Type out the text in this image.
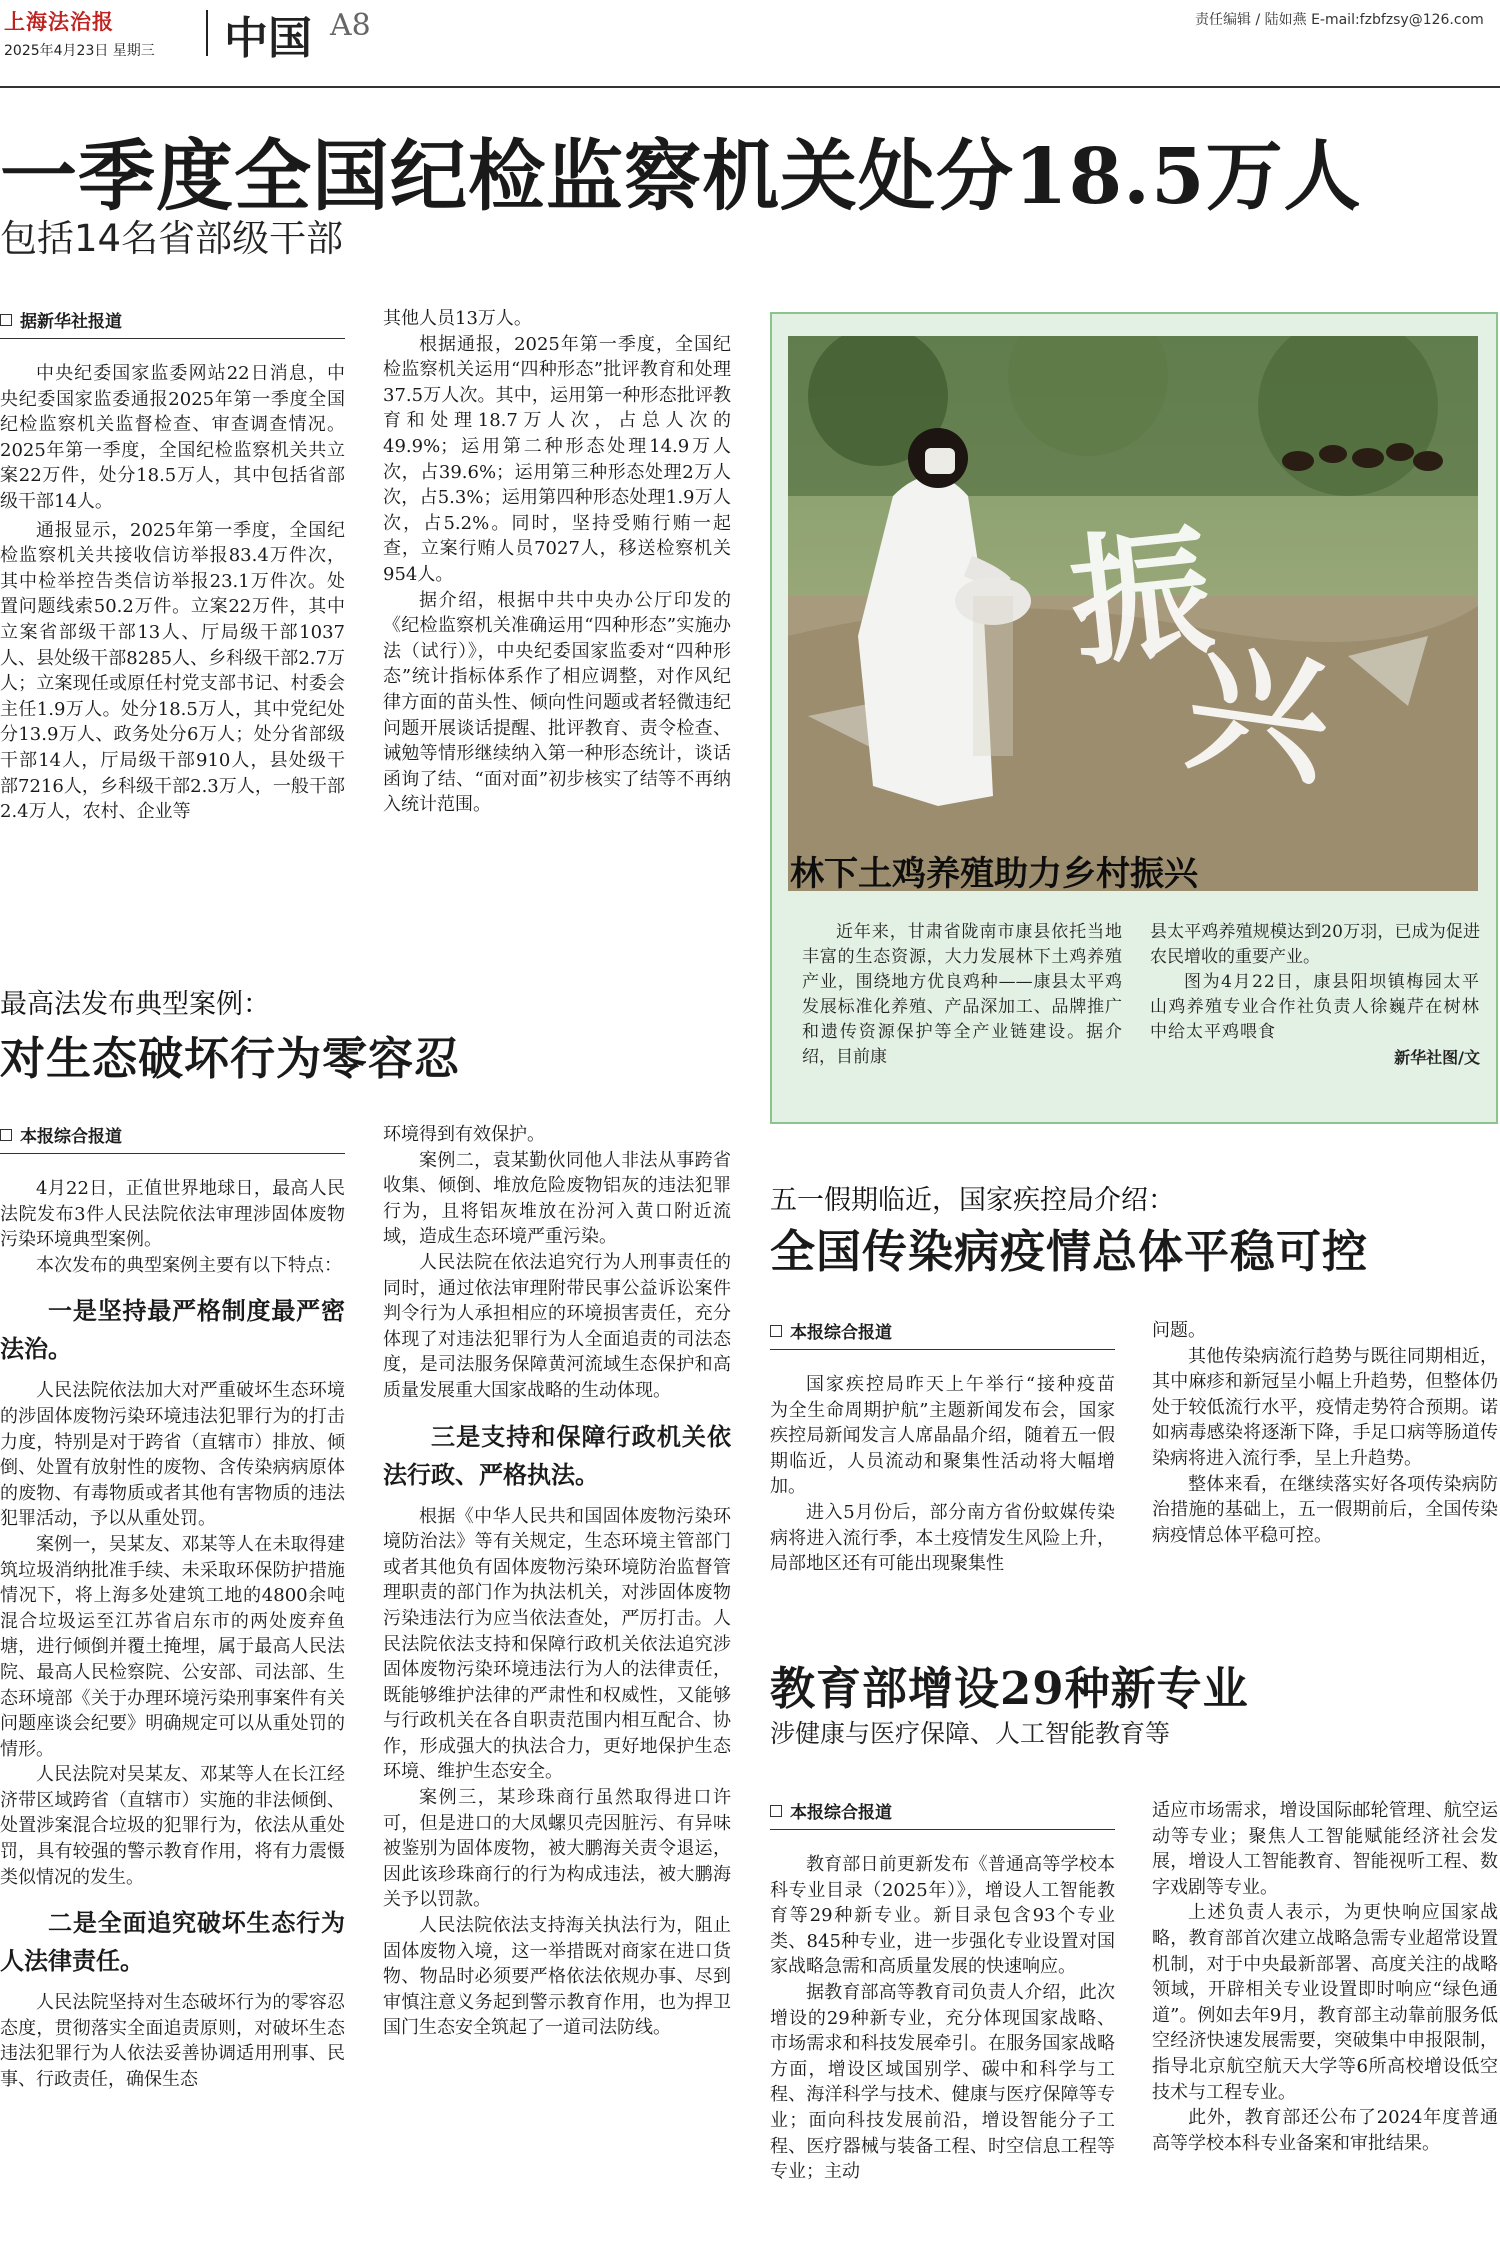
上海法治报
2025年4月23日 星期三 中国 A8	责任编辑 / 陆如燕 E-mail:fzbfzsy@126.com
一季度全国纪检监察机关处分18.5万人
包括14名省部级干部
据新华社报道

中央纪委国家监委网站22日消息，中央纪委国家监委通报2025年第一季度全国纪检监察机关监督检查、审查调查情况。2025年第一季度，全国纪检监察机关共立案22万件，处分18.5万人，其中包括省部级干部14人。

通报显示，2025年第一季度，全国纪检监察机关共接收信访举报83.4万件次，其中检举控告类信访举报23.1万件次。处置问题线索50.2万件。立案22万件，其中立案省部级干部13人、厅局级干部1037人、县处级干部8285人、乡科级干部2.7万人；立案现任或原任村党支部书记、村委会主任1.9万人。处分18.5万人，其中党纪处分13.9万人、政务处分6万人；处分省部级干部14人，厅局级干部910人，县处级干部7216人，乡科级干部2.3万人，一般干部2.4万人，农村、企业等

其他人员13万人。

根据通报，2025年第一季度，全国纪检监察机关运用“四种形态”批评教育和处理37.5万人次。其中，运用第一种形态批评教育和处理18.7万人次，占总人次的49.9%；运用第二种形态处理14.9万人次，占39.6%；运用第三种形态处理2万人次，占5.3%；运用第四种形态处理1.9万人次，占5.2%。同时，坚持受贿行贿一起查，立案行贿人员7027人，移送检察机关954人。

据介绍，根据中共中央办公厅印发的《纪检监察机关准确运用“四种形态”实施办法（试行）》，中央纪委国家监委对“四种形态”统计指标体系作了相应调整，对作风纪律方面的苗头性、倾向性问题或者轻微违纪问题开展谈话提醒、批评教育、责令检查、诫勉等情形继续纳入第一种形态统计，谈话函询了结、“面对面”初步核实了结等不再纳入统计范围。

振
兴
林下土鸡养殖助力乡村振兴

近年来，甘肃省陇南市康县依托当地丰富的生态资源，大力发展林下土鸡养殖产业，围绕地方优良鸡种——康县太平鸡发展标准化养殖、产品深加工、品牌推广和遗传资源保护等全产业链建设。据介绍，目前康

县太平鸡养殖规模达到20万羽，已成为促进农民增收的重要产业。

图为4月22日，康县阳坝镇梅园太平山鸡养殖专业合作社负责人徐巍芹在树林中给太平鸡喂食

新华社图/文
最高法发布典型案例：
对生态破坏行为零容忍
本报综合报道

4月22日，正值世界地球日，最高人民法院发布3件人民法院依法审理涉固体废物污染环境典型案例。

本次发布的典型案例主要有以下特点：

一是坚持最严格制度最严密法治。

人民法院依法加大对严重破坏生态环境的涉固体废物污染环境违法犯罪行为的打击力度，特别是对于跨省（直辖市）排放、倾倒、处置有放射性的废物、含传染病病原体的废物、有毒物质或者其他有害物质的违法犯罪活动，予以从重处罚。

案例一，吴某友、邓某等人在未取得建筑垃圾消纳批准手续、未采取环保防护措施情况下，将上海多处建筑工地的4800余吨混合垃圾运至江苏省启东市的两处废弃鱼塘，进行倾倒并覆土掩埋，属于最高人民法院、最高人民检察院、公安部、司法部、生态环境部《关于办理环境污染刑事案件有关问题座谈会纪要》明确规定可以从重处罚的情形。

人民法院对吴某友、邓某等人在长江经济带区域跨省（直辖市）实施的非法倾倒、处置涉案混合垃圾的犯罪行为，依法从重处罚，具有较强的警示教育作用，将有力震慑类似情况的发生。

二是全面追究破坏生态行为人法律责任。

人民法院坚持对生态破坏行为的零容忍态度，贯彻落实全面追责原则，对破坏生态违法犯罪行为人依法妥善协调适用刑事、民事、行政责任，确保生态

环境得到有效保护。

案例二，袁某勤伙同他人非法从事跨省收集、倾倒、堆放危险废物铝灰的违法犯罪行为，且将铝灰堆放在汾河入黄口附近流域，造成生态环境严重污染。

人民法院在依法追究行为人刑事责任的同时，通过依法审理附带民事公益诉讼案件判令行为人承担相应的环境损害责任，充分体现了对违法犯罪行为人全面追责的司法态度，是司法服务保障黄河流域生态保护和高质量发展重大国家战略的生动体现。

三是支持和保障行政机关依法行政、严格执法。

根据《中华人民共和国固体废物污染环境防治法》等有关规定，生态环境主管部门或者其他负有固体废物污染环境防治监督管理职责的部门作为执法机关，对涉固体废物污染违法行为应当依法查处，严厉打击。人民法院依法支持和保障行政机关依法追究涉固体废物污染环境违法行为人的法律责任，既能够维护法律的严肃性和权威性，又能够与行政机关在各自职责范围内相互配合、协作，形成强大的执法合力，更好地保护生态环境、维护生态安全。

案例三，某珍珠商行虽然取得进口许可，但是进口的大凤螺贝壳因脏污、有异味被鉴别为固体废物，被大鹏海关责令退运，因此该珍珠商行的行为构成违法，被大鹏海关予以罚款。

人民法院依法支持海关执法行为，阻止固体废物入境，这一举措既对商家在进口货物、物品时必须要严格依法依规办事、尽到审慎注意义务起到警示教育作用，也为捍卫国门生态安全筑起了一道司法防线。

五一假期临近，国家疾控局介绍：
全国传染病疫情总体平稳可控
本报综合报道

国家疾控局昨天上午举行“接种疫苗　为全生命周期护航”主题新闻发布会，国家疾控局新闻发言人席晶晶介绍，随着五一假期临近，人员流动和聚集性活动将大幅增加。

进入5月份后，部分南方省份蚊媒传染病将进入流行季，本土疫情发生风险上升，局部地区还有可能出现聚集性

问题。

其他传染病流行趋势与既往同期相近，其中麻疹和新冠呈小幅上升趋势，但整体仍处于较低流行水平，疫情走势符合预期。诺如病毒感染将逐渐下降，手足口病等肠道传染病将进入流行季，呈上升趋势。

整体来看，在继续落实好各项传染病防治措施的基础上，五一假期前后，全国传染病疫情总体平稳可控。

教育部增设29种新专业
涉健康与医疗保障、人工智能教育等
本报综合报道

教育部日前更新发布《普通高等学校本科专业目录（2025年）》，增设人工智能教育等29种新专业。新目录包含93个专业类、845种专业，进一步强化专业设置对国家战略急需和高质量发展的快速响应。

据教育部高等教育司负责人介绍，此次增设的29种新专业，充分体现国家战略、市场需求和科技发展牵引。在服务国家战略方面，增设区域国别学、碳中和科学与工程、海洋科学与技术、健康与医疗保障等专业；面向科技发展前沿，增设智能分子工程、医疗器械与装备工程、时空信息工程等专业；主动

适应市场需求，增设国际邮轮管理、航空运动等专业；聚焦人工智能赋能经济社会发展，增设人工智能教育、智能视听工程、数字戏剧等专业。

上述负责人表示，为更快响应国家战略，教育部首次建立战略急需专业超常设置机制，对于中央最新部署、高度关注的战略领域，开辟相关专业设置即时响应“绿色通道”。例如去年9月，教育部主动靠前服务低空经济快速发展需要，突破集中申报限制，指导北京航空航天大学等6所高校增设低空技术与工程专业。

此外，教育部还公布了2024年度普通高等学校本科专业备案和审批结果。
